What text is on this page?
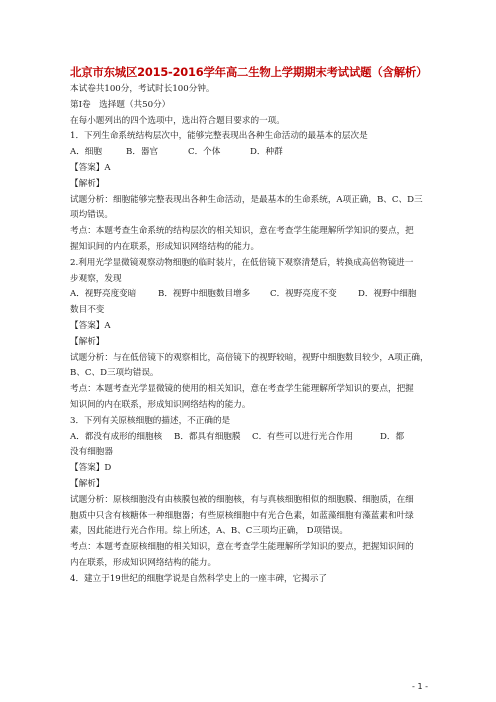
北京市东城区2015-2016学年高二生物上学期期末考试试题（含解析）
本试卷共100分，考试时长100分钟。
第Ⅰ卷　选择题（共50分）
在每小题列出的四个选项中，选出符合题目要求的一项。
1．下列生命系统结构层次中，能够完整表现出各种生命活动的最基本的层次是
A．细胞	B．器官	C．个体	D．种群
【答案】A
【解析】
试题分析：细胞能够完整表现出各种生命活动，是最基本的生命系统，A项正确，B、C、D三
项均错误。
考点：本题考查生命系统的结构层次的相关知识，意在考查学生能理解所学知识的要点，把
握知识间的内在联系，形成知识网络结构的能力。
2.利用光学显微镜观察动物细胞的临时装片，在低倍镜下观察清楚后，转换成高倍物镜进一
步观察，发现
A．视野亮度变暗	B．视野中细胞数目增多 C．视野亮度不变 D．视野中细胞
数目不变
【答案】A
【解析】
试题分析：与在低倍镜下的观察相比，高倍镜下的视野较暗，视野中细胞数目较少，A项正确，
B、C、D三项均错误。
考点：本题考查光学显微镜的使用的相关知识，意在考查学生能理解所学知识的要点，把握
知识间的内在联系，形成知识网络结构的能力。
3．下列有关原核细胞的描述，不正确的是
A．都没有成形的细胞核 B．都具有细胞膜 C．有些可以进行光合作用	D．都
没有细胞器
【答案】D
【解析】
试题分析：原核细胞没有由核膜包被的细胞核，有与真核细胞相似的细胞膜、细胞质，在细
胞质中只含有核糖体一种细胞器；有些原核细胞中有光合色素，如蓝藻细胞有藻蓝素和叶绿
素，因此能进行光合作用。综上所述，A、B、C三项均正确， D项错误。
考点：本题考查原核细胞的相关知识，意在考查学生能理解所学知识的要点，把握知识间的
内在联系，形成知识网络结构的能力。
4．建立于19世纪的细胞学说是自然科学史上的一座丰碑，它揭示了
- 1 -
